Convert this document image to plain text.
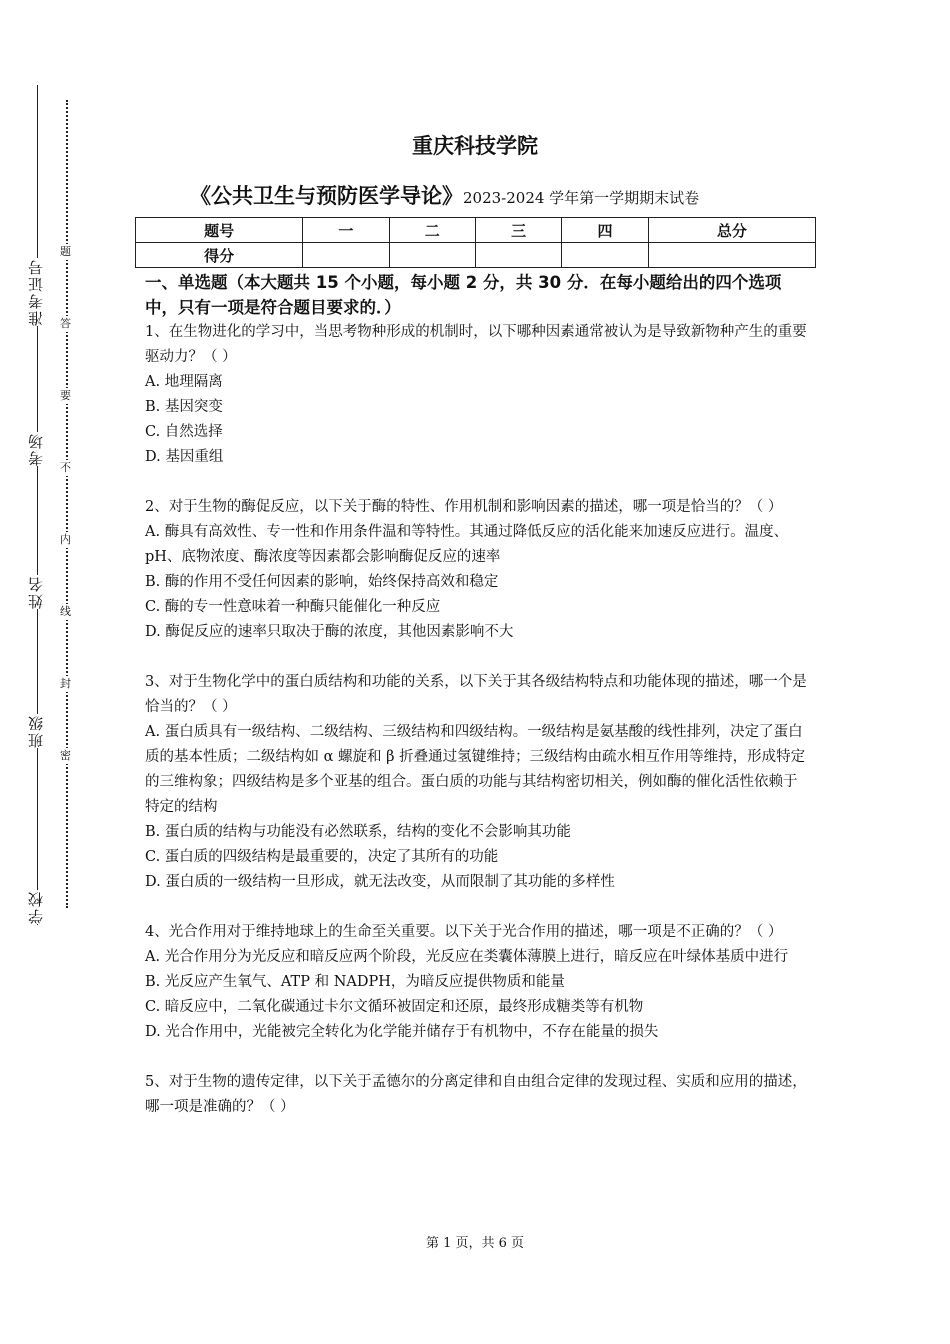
准考证号
考场
姓名
班级
学校
题
答
要
不
内
线
封
密
重庆科技学院
《公共卫生与预防医学导论》2023-2024 学年第一学期期末试卷
题号	一	二	三	四	总分
得分					
一、单选题（本大题共 15 个小题，每小题 2 分，共 30 分．在每小题给出的四个选项中，只有一项是符合题目要求的．）

1、在生物进化的学习中，当思考物种形成的机制时，以下哪种因素通常被认为是导致新物种产生的重要驱动力？（ ）

A. 地理隔离

B. 基因突变

C. 自然选择

D. 基因重组

2、对于生物的酶促反应，以下关于酶的特性、作用机制和影响因素的描述，哪一项是恰当的？（ ）

A. 酶具有高效性、专一性和作用条件温和等特性。其通过降低反应的活化能来加速反应进行。温度、pH、底物浓度、酶浓度等因素都会影响酶促反应的速率

B. 酶的作用不受任何因素的影响，始终保持高效和稳定

C. 酶的专一性意味着一种酶只能催化一种反应

D. 酶促反应的速率只取决于酶的浓度，其他因素影响不大

3、对于生物化学中的蛋白质结构和功能的关系，以下关于其各级结构特点和功能体现的描述，哪一个是恰当的？（ ）

A. 蛋白质具有一级结构、二级结构、三级结构和四级结构。一级结构是氨基酸的线性排列，决定了蛋白质的基本性质；二级结构如 α 螺旋和 β 折叠通过氢键维持；三级结构由疏水相互作用等维持，形成特定的三维构象；四级结构是多个亚基的组合。蛋白质的功能与其结构密切相关，例如酶的催化活性依赖于特定的结构

B. 蛋白质的结构与功能没有必然联系，结构的变化不会影响其功能

C. 蛋白质的四级结构是最重要的，决定了其所有的功能

D. 蛋白质的一级结构一旦形成，就无法改变，从而限制了其功能的多样性

4、光合作用对于维持地球上的生命至关重要。以下关于光合作用的描述，哪一项是不正确的？（ ）

A. 光合作用分为光反应和暗反应两个阶段，光反应在类囊体薄膜上进行，暗反应在叶绿体基质中进行

B. 光反应产生氧气、ATP 和 NADPH，为暗反应提供物质和能量

C. 暗反应中，二氧化碳通过卡尔文循环被固定和还原，最终形成糖类等有机物

D. 光合作用中，光能被完全转化为化学能并储存于有机物中，不存在能量的损失

5、对于生物的遗传定律，以下关于孟德尔的分离定律和自由组合定律的发现过程、实质和应用的描述，哪一项是准确的？（ ）

第 1 页，共 6 页
